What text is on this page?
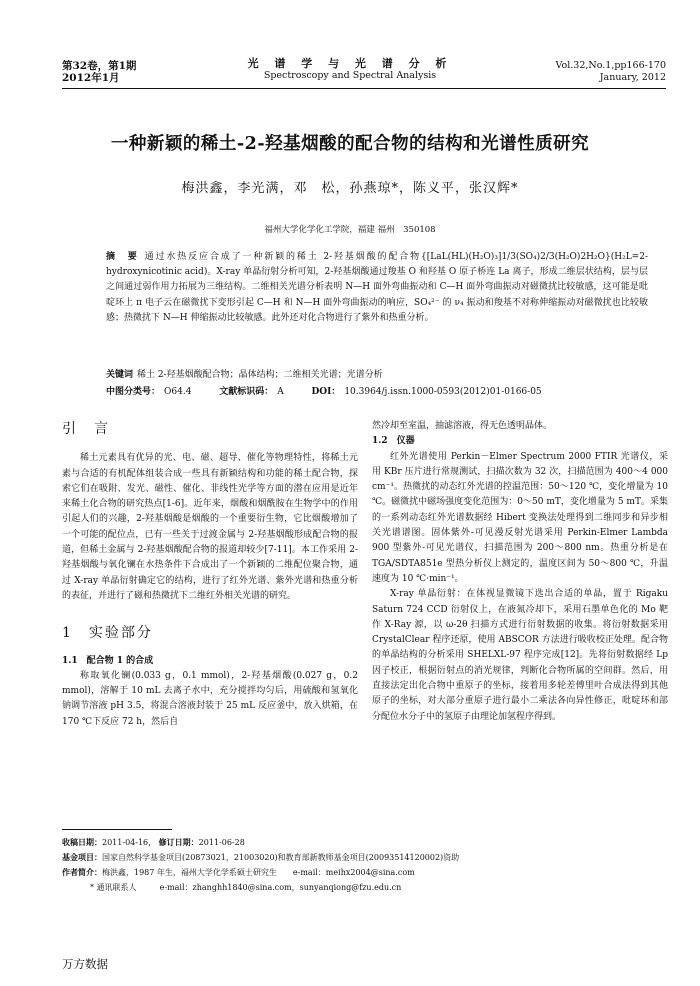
第32卷，第1期
2012年1月
光 谱 学 与 光 谱 分 析
Spectroscopy and Spectral Analysis
Vol.32,No.1,pp166-170
January, 2012
一种新颖的稀土-2-羟基烟酸的配合物的结构和光谱性质研究
梅洪鑫，李光满，邓　松，孙燕琼*，陈义平，张汉辉*
福州大学化学化工学院，福建 福州　350108
摘　要 通过水热反应合成了一种新颖的稀土 2-羟基烟酸的配合物{[LaL(HL)(H₂O)₃]1/3(SO₄)2/3(H₂O)2H₂O}(H₂L=2-hydroxynicotinic acid)。X-ray 单晶衍射分析可知，2-羟基烟酸通过羧基 O 和羟基 O 原子桥连 La 离子，形成二维层状结构，层与层之间通过弱作用力拓展为三维结构。二维相关光谱分析表明 N—H 面外弯曲振动和 C—H 面外弯曲振动对磁微扰比较敏感，这可能是吡啶环上 π 电子云在磁微扰下变形引起 C—H 和 N—H 面外弯曲振动的响应，SO₄²⁻ 的 ν₄ 振动和羧基不对称伸缩振动对磁微扰也比较敏感；热微扰下 N—H 伸缩振动比较敏感。此外还对化合物进行了紫外和热重分析。
关键词 稀土 2-羟基烟酸配合物；晶体结构；二维相关光谱；光谱分析
中图分类号： O64.4	文献标识码： A	DOI： 10.3964/j.issn.1000-0593(2012)01-0166-05
引　言

稀土元素具有优异的光、电、磁、超导、催化等物理特性，将稀土元素与合适的有机配体组装合成一些具有新颖结构和功能的稀土配合物，探索它们在吸附、发光、磁性、催化、非线性光学等方面的潜在应用是近年来稀土化合物的研究热点[1-6]。近年来，烟酸和烟酰胺在生物学中的作用引起人们的兴趣，2-羟基烟酸是烟酸的一个重要衍生物，它比烟酸增加了一个可能的配位点，已有一些关于过渡金属与 2-羟基烟酸形成配合物的报道，但稀土金属与 2-羟基烟酸配合物的报道却较少[7-11]。本工作采用 2-羟基烟酸与氧化镧在水热条件下合成出了一个新颖的二维配位聚合物，通过 X-ray 单晶衍射确定它的结构，进行了红外光谱、紫外光谱和热重分析的表征，并进行了磁和热微扰下二维红外相关光谱的研究。

1　实验部分
1.1　配合物 1 的合成

称取氧化镧(0.033 g，0.1 mmol)，2-羟基烟酸(0.027 g，0.2 mmol)，溶解于 10 mL 去离子水中，充分搅拌均匀后，用硫酸和氢氧化钠调节溶液 pH 3.5，将混合溶液封装于 25 mL 反应釜中，放入烘箱，在 170 ℃下反应 72 h，然后自

然冷却至室温，抽滤溶液，得无色透明晶体。

1.2　仪器

红外光谱使用 Perkin－Elmer Spectrum 2000 FTIR 光谱仪，采用 KBr 压片进行常规测试，扫描次数为 32 次，扫描范围为 400～4 000 cm⁻¹。热微扰的动态红外光谱的控温范围：50～120 ℃，变化增量为 10 ℃。磁微扰中磁场强度变化范围为：0～50 mT，变化增量为 5 mT。采集的一系列动态红外光谱数据经 Hibert 变换法处理得到二维同步和异步相关光谱谱图。固体紫外-可见漫反射光谱采用 Perkin-Elmer Lambda 900 型紫外-可见光谱仪，扫描范围为 200～800 nm。热重分析是在 TGA/SDTA851e 型热分析仪上测定的，温度区间为 50～800 ℃，升温速度为 10 ℃·min⁻¹。

X-ray 单晶衍射：在体视显微镜下选出合适的单晶，置于 Rigaku Saturn 724 CCD 衍射仪上，在液氮冷却下，采用石墨单色化的 Mo 靶作 X-Ray 源，以 ω-2θ 扫描方式进行衍射数据的收集。将衍射数据采用 CrystalClear 程序还原，使用 ABSCOR 方法进行吸收校正处理。配合物的单晶结构的分析采用 SHELXL-97 程序完成[12]。先将衍射数据经 Lp 因子校正，根据衍射点的消光规律，判断化合物所属的空间群。然后，用直接法定出化合物中重原子的坐标，接着用多轮差傅里叶合成法得到其他原子的坐标，对大部分重原子进行最小二乘法各向异性修正，吡啶环和部分配位水分子中的氢原子由理论加氢程序得到。

收稿日期：2011-04-16， 修订日期：2011-06-28
基金项目：国家自然科学基金项目(20873021，21003020)和教育部新教师基金项目(20093514120002)资助
作者简介：梅洪鑫，1987 年生，福州大学化学系硕士研究生　　e-mail：meihx2004@sina.com
* 通讯联系人	e-mail：zhanghh1840@sina.com，sunyanqiong@fzu.edu.cn
万方数据
